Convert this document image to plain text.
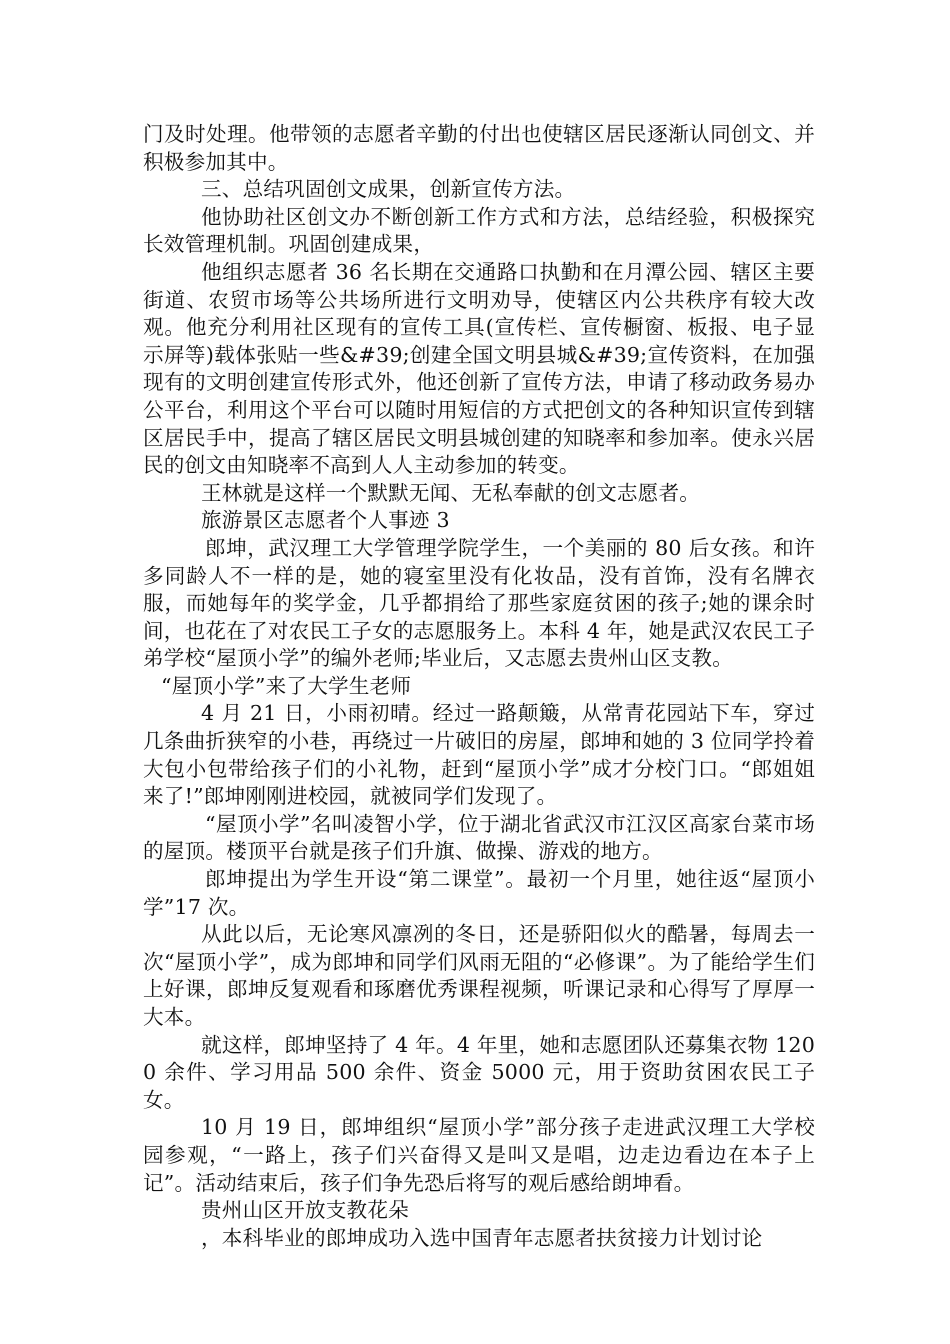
门及时处理。他带领的志愿者辛勤的付出也使辖区居民逐渐认同创文、并积极参加其中。

三、总结巩固创文成果，创新宣传方法。

他协助社区创文办不断创新工作方式和方法，总结经验，积极探究长效管理机制。巩固创建成果，

他组织志愿者 36 名长期在交通路口执勤和在月潭公园、辖区主要街道、农贸市场等公共场所进行文明劝导，使辖区内公共秩序有较大改观。他充分利用社区现有的宣传工具(宣传栏、宣传橱窗、板报、电子显示屏等)载体张贴一些&#39;创建全国文明县城&#39;宣传资料，在加强现有的文明创建宣传形式外，他还创新了宣传方法，申请了移动政务易办公平台，利用这个平台可以随时用短信的方式把创文的各种知识宣传到辖区居民手中，提高了辖区居民文明县城创建的知晓率和参加率。使永兴居民的创文由知晓率不高到人人主动参加的转变。

王林就是这样一个默默无闻、无私奉献的创文志愿者。

旅游景区志愿者个人事迹 3

郎坤，武汉理工大学管理学院学生，一个美丽的 80 后女孩。和许多同龄人不一样的是，她的寝室里没有化妆品，没有首饰，没有名牌衣服，而她每年的奖学金，几乎都捐给了那些家庭贫困的孩子;她的课余时间，也花在了对农民工子女的志愿服务上。本科 4 年，她是武汉农民工子弟学校“屋顶小学”的编外老师;毕业后，又志愿去贵州山区支教。

“屋顶小学”来了大学生老师

4 月 21 日，小雨初晴。经过一路颠簸，从常青花园站下车，穿过几条曲折狭窄的小巷，再绕过一片破旧的房屋，郎坤和她的 3 位同学拎着大包小包带给孩子们的小礼物，赶到“屋顶小学”成才分校门口。“郎姐姐来了!”郎坤刚刚进校园，就被同学们发现了。

“屋顶小学”名叫凌智小学，位于湖北省武汉市江汉区高家台菜市场的屋顶。楼顶平台就是孩子们升旗、做操、游戏的地方。

郎坤提出为学生开设“第二课堂”。最初一个月里，她往返“屋顶小学”17 次。

从此以后，无论寒风凛冽的冬日，还是骄阳似火的酷暑，每周去一次“屋顶小学”，成为郎坤和同学们风雨无阻的“必修课”。为了能给学生们上好课，郎坤反复观看和琢磨优秀课程视频，听课记录和心得写了厚厚一大本。

就这样，郎坤坚持了 4 年。4 年里，她和志愿团队还募集衣物 1200 余件、学习用品 500 余件、资金 5000 元，用于资助贫困农民工子女。

10 月 19 日，郎坤组织“屋顶小学”部分孩子走进武汉理工大学校园参观，“一路上，孩子们兴奋得又是叫又是唱，边走边看边在本子上记”。活动结束后，孩子们争先恐后将写的观后感给朗坤看。

贵州山区开放支教花朵

，本科毕业的郎坤成功入选中国青年志愿者扶贫接力计划讨论
